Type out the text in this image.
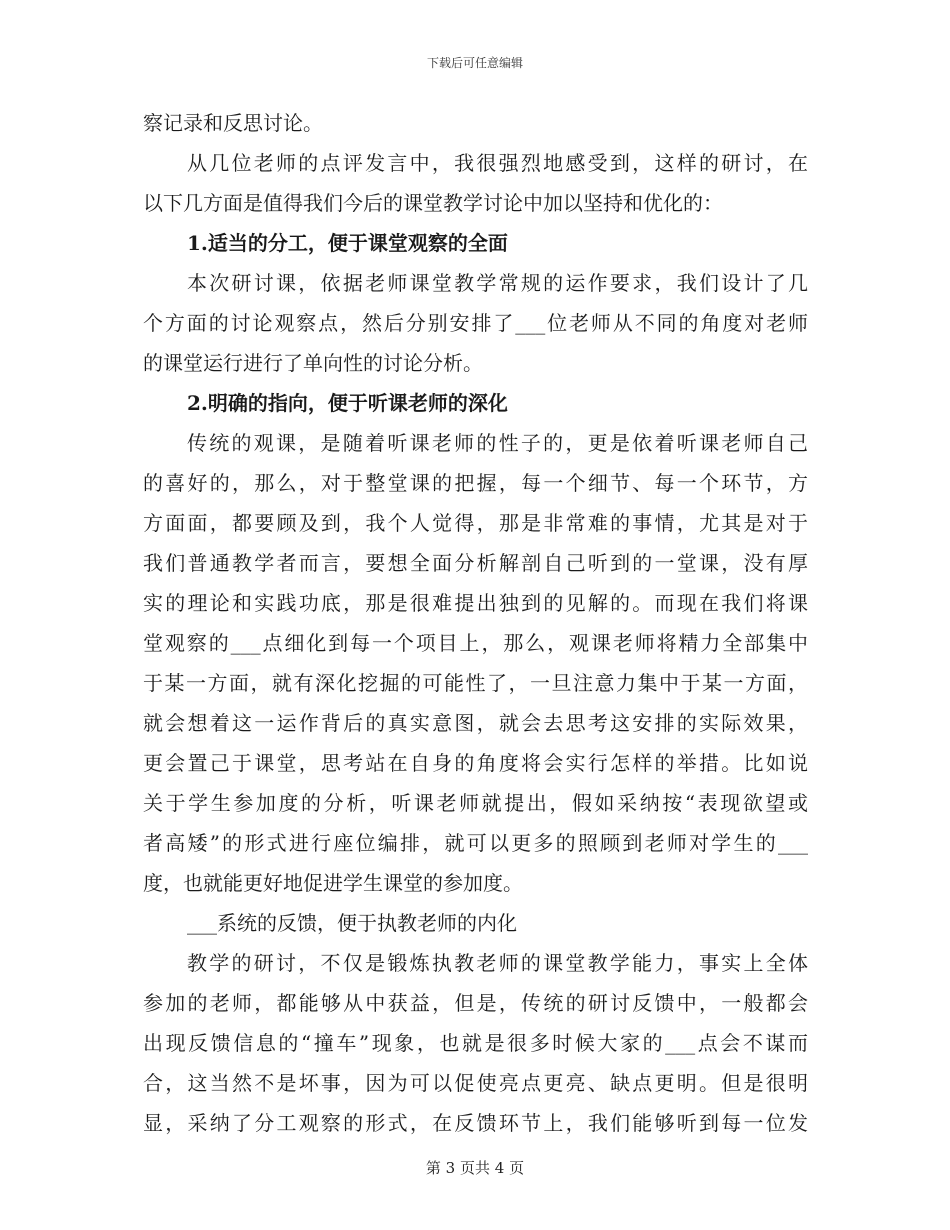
下载后可任意编辑
察记录和反思讨论。
从几位老师的点评发言中，我很强烈地感受到，这样的研讨，在
以下几方面是值得我们今后的课堂教学讨论中加以坚持和优化的：
1.适当的分工，便于课堂观察的全面
本次研讨课，依据老师课堂教学常规的运作要求，我们设计了几
个方面的讨论观察点，然后分别安排了___位老师从不同的角度对老师
的课堂运行进行了单向性的讨论分析。
2.明确的指向，便于听课老师的深化
传统的观课，是随着听课老师的性子的，更是依着听课老师自己
的喜好的，那么，对于整堂课的把握，每一个细节、每一个环节，方
方面面，都要顾及到，我个人觉得，那是非常难的事情，尤其是对于
我们普通教学者而言，要想全面分析解剖自己听到的一堂课，没有厚
实的理论和实践功底，那是很难提出独到的见解的。而现在我们将课
堂观察的___点细化到每一个项目上，那么，观课老师将精力全部集中
于某一方面，就有深化挖掘的可能性了，一旦注意力集中于某一方面，
就会想着这一运作背后的真实意图，就会去思考这安排的实际效果，
更会置己于课堂，思考站在自身的角度将会实行怎样的举措。比如说
关于学生参加度的分析，听课老师就提出，假如采纳按“表现欲望或
者高矮”的形式进行座位编排，就可以更多的照顾到老师对学生的___
度，也就能更好地促进学生课堂的参加度。
___系统的反馈，便于执教老师的内化
教学的研讨，不仅是锻炼执教老师的课堂教学能力，事实上全体
参加的老师，都能够从中获益，但是，传统的研讨反馈中，一般都会
出现反馈信息的“撞车”现象，也就是很多时候大家的___点会不谋而
合，这当然不是坏事，因为可以促使亮点更亮、缺点更明。但是很明
显，采纳了分工观察的形式，在反馈环节上，我们能够听到每一位发
第 3 页共 4 页
